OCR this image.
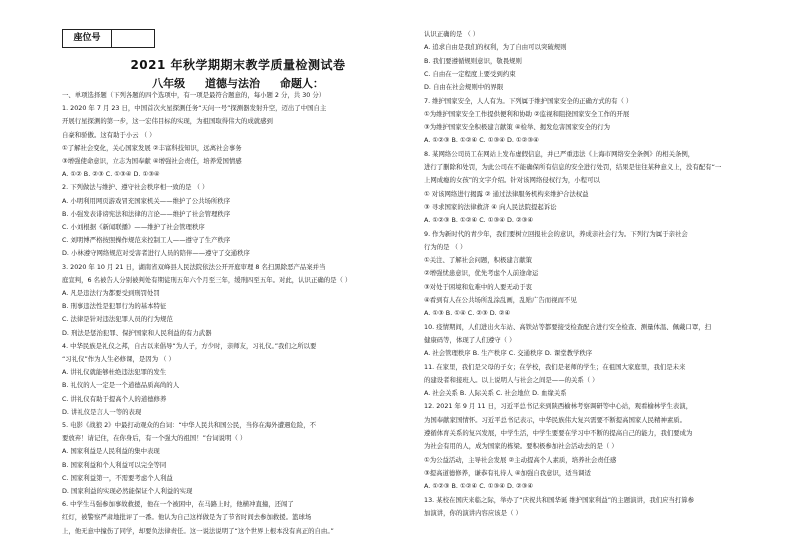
座位号
2021 年秋学期期末教学质量检测试卷
八年级 道德与法治 命题人：
一、单项选择题（下列各题的四个选项中，有一项是最符合题意的，每小题 2 分，共 30 分）
1. 2020 年 7 月 23 日，中国首次火星探测任务“天问一号”探测器发射升空，迈出了中国自主
开展行星探测的第一步，这一宏伟目标的实现，为祖国取得伟大的成就感到
自豪和骄傲。这有助于小云 （ ）
①了解社会变化，关心国家发展 ②丰富科技知识，远离社会事务
③增强使命意识，立志为国奉献 ④增强社会责任，培养爱国情感
A. ①② B. ②③ C. ①③④ D. ①③④
2. 下列做法与维护、遵守社会秩序相一致的是 （ ）
A. 小明利用网页游戏冒充国家机关——维护了公共场所秩序
B. 小强发表诽谤宪法和法律的言论——维护了社会管理秩序
C. 小刘根据《新闻联播》——维护了社会管理秩序
C. 刘明博严格按照操作规范来控制工人——遵守了生产秩序
D. 小林遵守网络规范对受害者进行人员的陪伴——遵守了交通秩序
3. 2020 年 10 月 21 日，湖南省双峰县人民法院依法公开开庭审理 8 名扫黑除恶产品案并当
庭宣判，6 名被告人分别被判处有期徒刑五年六个月至三年，缓刑四至五年。对此，认识正确的是（ ）
A. 凡是违法行为都要受到刑罚处罚
B. 刑事违法性是犯罪行为的基本特征
C. 法律是针对违法犯罪人员的行为规范
D. 刑法是惩治犯罪、保护国家和人民利益的有力武器
4. 中华民族是礼仪之邦，自古以来倡导“为人子，方少时，亲师友，习礼仪。”我们之所以要
“习礼仪”作为人生必修课，是因为 （ ）
A. 讲礼仪就能够杜绝违法犯罪的发生
B. 礼仪的人一定是一个道德品质高尚的人
C. 讲礼仪有助于提高个人的道德修养
D. 讲礼仪是言人一等的表现
5. 电影《战狼 2》中最打动观众的台词：“中华人民共和国公民，当你在海外遭遇危险，不
要放弃！请记住，在你身后，有一个强大的祖国！”台词说明（ ）
A. 国家利益是人民利益的集中表现
B. 国家利益和个人利益可以完全等同
C. 国家利益第一，不需要考虑个人利益
D. 国家利益的实现必然能保证个人利益的实现
6. 中学生马强参加事故救援，他在一个被困中，在马路上时，他横冲直撞，还闯了
红灯，被警察严肃地批评了一番。他认为自己这样做是为了节省时间去参加救援。篮球场
上，他无意中撞伤了同学，却要负法律责任。这一说法说明了“这个世界上根本没有真正的自由。”
认识正确的是 （ ）
A. 追求自由是我们的权利，为了自由可以突破规则
B. 我们要遵循规则意识，敬畏规则
C. 自由在一定程度上要受到约束
D. 自由在社会规则中的界限
7. 维护国家安全，人人有为。下列属于维护国家安全的正确方式的有（ ）
①为维护国家安全工作提供便利和协助 ②监视和阻挠国家安全工作的开展
③为维护国家安全积极建言献策 ④检举、揭发危害国家安全的行为
A. ①②③ B. ①②④ C. ①③④ D. ①②③④
8. 某网络公司员工在网站上发布虚假信息，并已严重违法《上海市网络安全条例》的相关条例，
进行了删除和处罚，为此公司在不能确保所有信息的安全进行处罚，结果是往往某种意义上，没有配有“一
上网成瘾的女孩”的文字介绍。针对该网络侵权行为，小程可以
① 对该网络进行揭露 ② 通过法律服务机构来维护合法权益
③ 寻求国家的法律救济 ④ 向人民法院提起诉讼
A. ①②③ B. ①②④ C. ①③④ D. ②③④
9. 作为新时代的青少年，我们要树立回报社会的意识，养成亲社会行为。下列行为属于亲社会
行为的是 （ ）
①关注、了解社会问题，积极建言献策
②增强忧患意识，优先考虑个人前途命运
③对处于困境和危难中的人要无动于衷
④看到有人在公共场所乱涂乱画，乱贴广告而视而不见
A. ①③ B. ①④ C. ②③ D. ②④
10. 疫情期间，人们进出火车站、高铁站等都要接受检查配合进行安全检查、测量体温、佩戴口罩，扫
健康码等，体现了人们遵守（ ）
A. 社会管理秩序 B. 生产秩序 C. 交通秩序 D. 课堂教学秩序
11. 在家里，我们是父母的子女；在学校，我们是老师的学生；在祖国大家庭里，我们是未来
的建设者和接班人。以上说明人与社会之间是——的关系（ ）
A. 社会关系 B. 人际关系 C. 社会地位 D. 血缘关系
12. 2021 年 9 月 11 日，习近平总书记来到陕西榆林考察调研等中心站，观看榆林学生表演，
为国奉献家国情怀。习近平总书记表示，中华民族伟大复兴需要不断提高国家人民精神素质。
遵循体育关系的复兴发展，中学生活，中学生要要在学习中不断的提高自己的能力，我们要成为
为社会有用的人，成为国家的栋梁。要积极参加社会活动去的是（ ）
①为公益活动，主导社会发展 ②主动提高个人素质，培养社会责任感
③提高道德修养，谦恭有礼待人 ④加强自我意识，适当调适
A. ①②③ B. ①②④ C. ①③④ D. ②③④
13. 某校在国庆来临之际，举办了“庆祝共和国华诞 维护国家利益”的主题演讲，我们应当打算参
加演讲，你的演讲内容应该是（ ）
